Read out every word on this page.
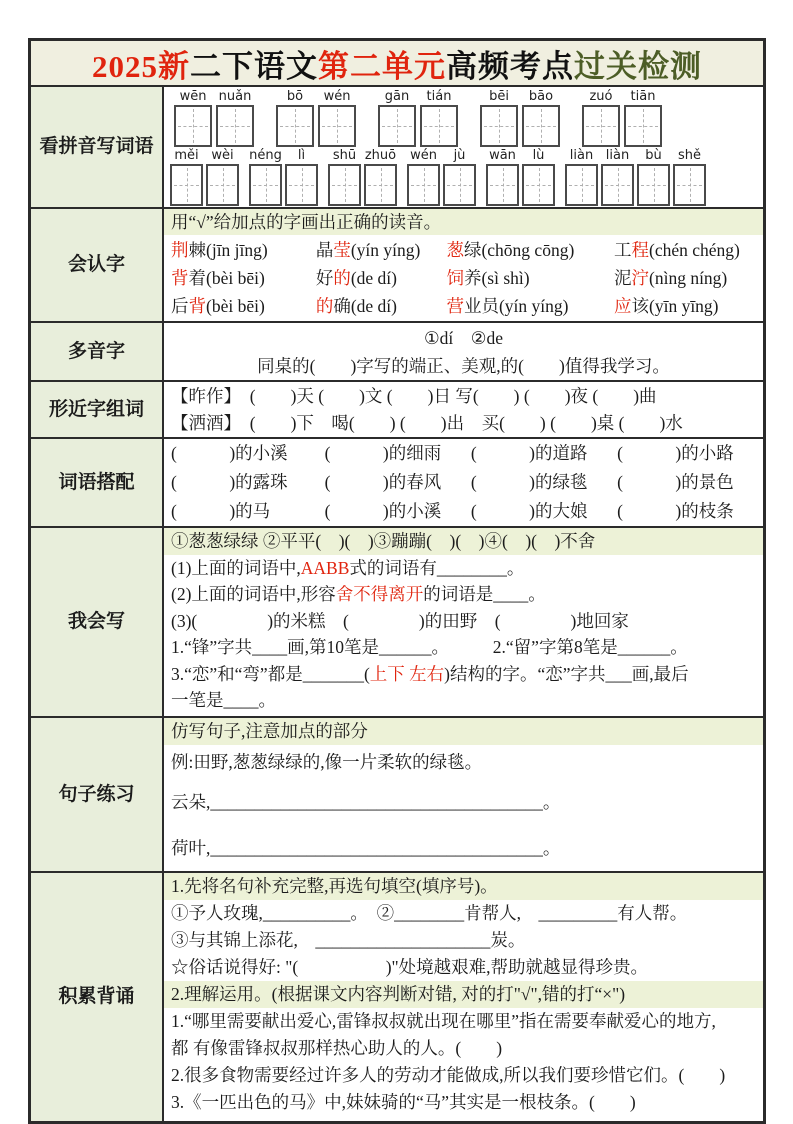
2025新 二下语文 第二单元 高频考点 过关检测
看拼音写词语
wēn nuǎn	bō wén	gān tián	bēi bāo	zuó tiān
měi wèi néng lì shū zhuō wén jù wān lù liàn liàn bù shě
会认字
用“√”给加点的字画出正确的读音。
荆棘(jīn jīng)	晶莹(yín yíng)	葱绿(chōng cōng)	工程(chén chéng)
背着(bèi bēi)	好的(de dí)	饲养(sì shì)	泥泞(nìng níng)
后背(bèi bēi)	的确(de dí)	营业员(yín yíng)	应该(yīn yīng)
多音字
①dí　②de
同桌的(　　)字写的端正、美观,的(　　)值得我学习。
形近字组词
【昨作】　(　　)天 (　　)文 (　　)日 写(　　) (　　)夜 (　　)曲
【洒酒】　(　　)下　喝(　　) (　　)出　买(　　) (　　)桌 (　　)水
词语搭配
(　　　)的小溪	(　　　)的细雨	(　　　)的道路	(　　　)的小路
(　　　)的露珠	(　　　)的春风	(　　　)的绿毯	(　　　)的景色
(　　　)的马	(　　　)的小溪	(　　　)的大娘	(　　　)的枝条
我会写
①葱葱绿绿 ②平平(　)(　)③蹦蹦(　)(　)④(　)(　)不舍
(1)上面的词语中,AABB式的词语有________。
(2)上面的词语中,形容舍不得离开的词语是____。
(3)(　　　　)的米糕　(　　　　)的田野　(　　　　)地回家
1.“锋”字共____画,第10笔是______。　　　2.“留”字第8笔是______。
3.“恋”和“弯”都是_______(上下 左右)结构的字。“恋”字共___画,最后
一笔是____。
句子练习
仿写句子,注意加点的部分
例:田野,葱葱绿绿的,像一片柔软的绿毯。
云朵,______________________________________。
荷叶,______________________________________。
积累背诵
1.先将名句补充完整,再选句填空(填序号)。
①予人玫瑰,__________。　②________肯帮人,　_________有人帮。
③与其锦上添花,　____________________炭。
☆俗话说得好: "(　　　　　)"处境越艰难,帮助就越显得珍贵。
2.理解运用。(根据课文内容判断对错, 对的打"√",错的打“×")
1.“哪里需要献出爱心,雷锋叔叔就出现在哪里”指在需要奉献爱心的地方,
都 有像雷锋叔叔那样热心助人的人。(　　)
2.很多食物需要经过许多人的劳动才能做成,所以我们要珍惜它们。(　　)
3.《一匹出色的马》中,妹妹骑的“马”其实是一根枝条。(　　)
